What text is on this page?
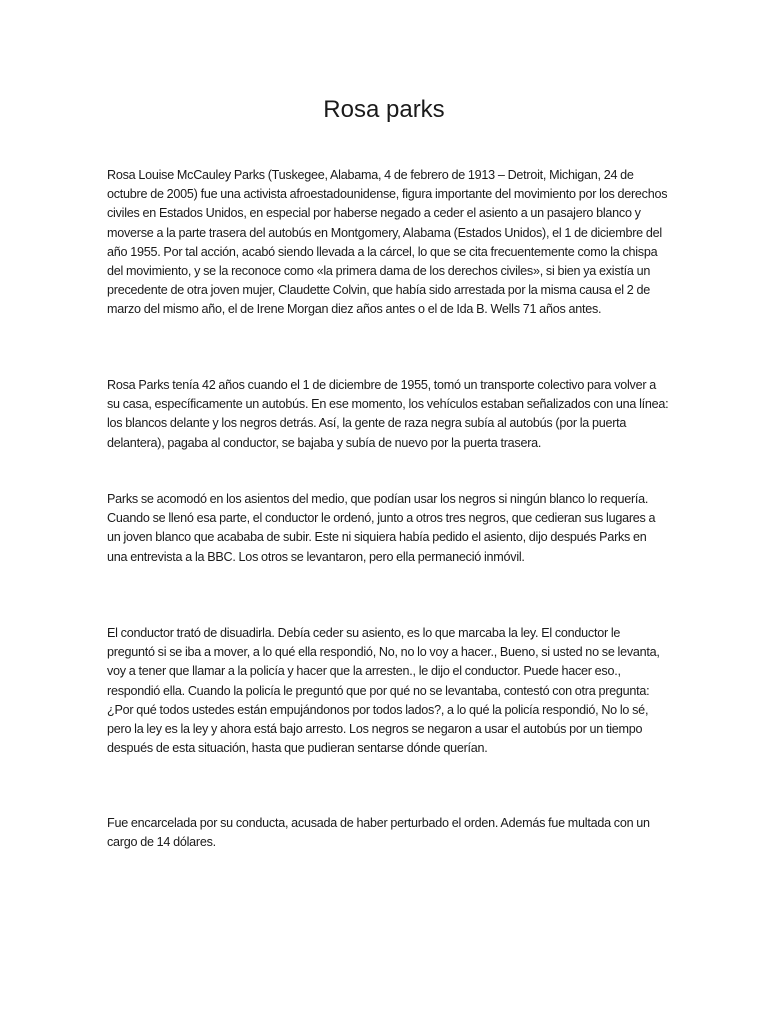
Rosa parks

Rosa Louise McCauley Parks (Tuskegee, Alabama, 4 de febrero de 1913 – Detroit, Michigan, 24 de octubre de 2005) fue una activista afroestadounidense, figura importante del movimiento por los derechos civiles en Estados Unidos, en especial por haberse negado a ceder el asiento a un pasajero blanco y moverse a la parte trasera del autobús en Montgomery, Alabama (Estados Unidos), el 1 de diciembre del año 1955. Por tal acción, acabó siendo llevada a la cárcel, lo que se cita frecuentemente como la chispa del movimiento, y se la reconoce como «la primera dama de los derechos civiles», si bien ya existía un precedente de otra joven mujer, Claudette Colvin, que había sido arrestada por la misma causa el 2 de marzo del mismo año, el de Irene Morgan diez años antes o el de Ida B. Wells 71 años antes.

Rosa Parks tenía 42 años cuando el 1 de diciembre de 1955, tomó un transporte colectivo para volver a su casa, específicamente un autobús. En ese momento, los vehículos estaban señalizados con una línea: los blancos delante y los negros detrás. Así, la gente de raza negra subía al autobús (por la puerta delantera), pagaba al conductor, se bajaba y subía de nuevo por la puerta trasera.

Parks se acomodó en los asientos del medio, que podían usar los negros si ningún blanco lo requería. Cuando se llenó esa parte, el conductor le ordenó, junto a otros tres negros, que cedieran sus lugares a un joven blanco que acababa de subir. Este ni siquiera había pedido el asiento, dijo después Parks en una entrevista a la BBC. Los otros se levantaron, pero ella permaneció inmóvil.

El conductor trató de disuadirla. Debía ceder su asiento, es lo que marcaba la ley. El conductor le preguntó si se iba a mover, a lo qué ella respondió, No, no lo voy a hacer., Bueno, si usted no se levanta, voy a tener que llamar a la policía y hacer que la arresten., le dijo el conductor. Puede hacer eso., respondió ella. Cuando la policía le preguntó que por qué no se levantaba, contestó con otra pregunta: ¿Por qué todos ustedes están empujándonos por todos lados?, a lo qué la policía respondió, No lo sé, pero la ley es la ley y ahora está bajo arresto. Los negros se negaron a usar el autobús por un tiempo después de esta situación, hasta que pudieran sentarse dónde querían.

Fue encarcelada por su conducta, acusada de haber perturbado el orden. Además fue multada con un cargo de 14 dólares.
